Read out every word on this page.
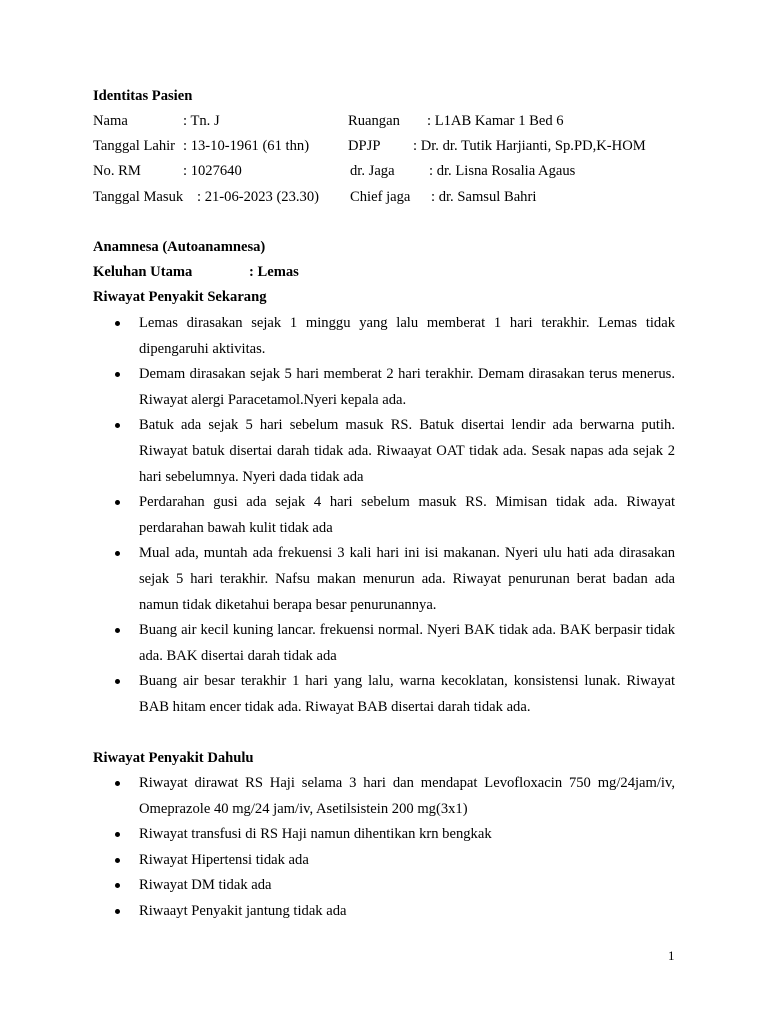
Identitas Pasien
Nama	: Tn. J	Ruangan : L1AB Kamar 1 Bed 6
Tanggal Lahir : 13-10-1961 (61 thn)	DPJP : Dr. dr. Tutik Harjianti, Sp.PD,K-HOM
No. RM	: 1027640	dr. Jaga : dr. Lisna Rosalia Agaus
Tanggal Masuk : 21-06-2023 (23.30) Chief jaga : dr. Samsul Bahri
Anamnesa (Autoanamnesa)
Keluhan Utama	: Lemas
Riwayat Penyakit Sekarang
Lemas dirasakan sejak 1 minggu yang lalu memberat 1 hari terakhir. Lemas tidak dipengaruhi aktivitas.
Demam dirasakan sejak 5 hari memberat 2 hari terakhir. Demam dirasakan terus menerus. Riwayat alergi Paracetamol.Nyeri kepala ada.
Batuk ada sejak 5 hari sebelum masuk RS. Batuk disertai lendir ada berwarna putih. Riwayat batuk disertai darah tidak ada. Riwaayat OAT tidak ada. Sesak napas ada sejak 2 hari sebelumnya. Nyeri dada tidak ada
Perdarahan gusi ada sejak 4 hari sebelum masuk RS. Mimisan tidak ada. Riwayat perdarahan bawah kulit tidak ada
Mual ada, muntah ada frekuensi 3 kali hari ini isi makanan. Nyeri ulu hati ada dirasakan sejak 5 hari terakhir. Nafsu makan menurun ada. Riwayat penurunan berat badan ada namun tidak diketahui berapa besar penurunannya.
Buang air kecil kuning lancar. frekuensi normal. Nyeri BAK tidak ada. BAK berpasir tidak ada. BAK disertai darah tidak ada
Buang air besar terakhir 1 hari yang lalu, warna kecoklatan, konsistensi lunak. Riwayat BAB hitam encer tidak ada. Riwayat BAB disertai darah tidak ada.
Riwayat Penyakit Dahulu
Riwayat dirawat RS Haji selama 3 hari dan mendapat Levofloxacin 750 mg/24jam/iv, Omeprazole 40 mg/24 jam/iv, Asetilsistein 200 mg(3x1)
Riwayat transfusi di RS Haji namun dihentikan krn bengkak
Riwayat Hipertensi tidak ada
Riwayat DM tidak ada
Riwaayt Penyakit jantung tidak ada
1
